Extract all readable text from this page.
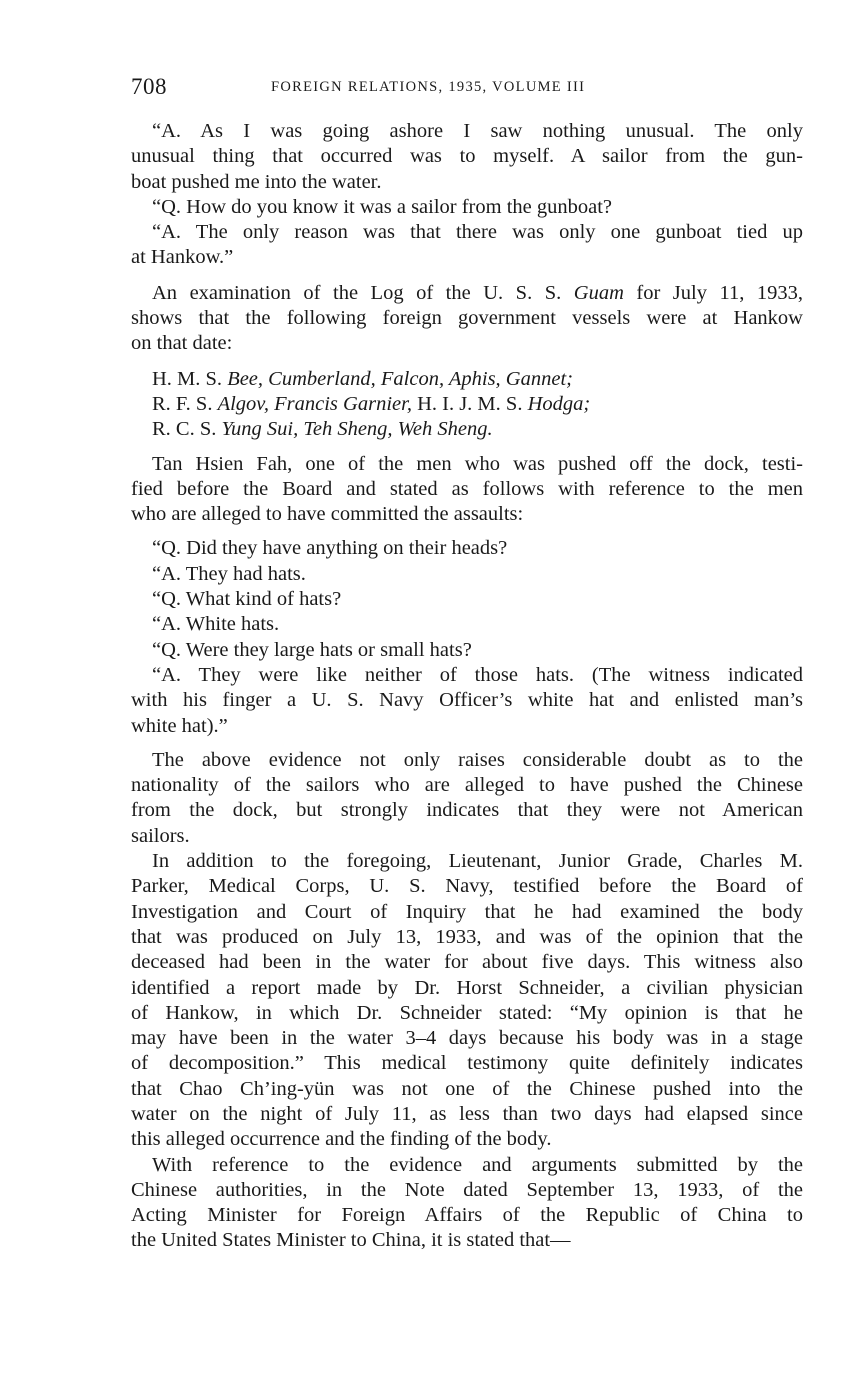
708	FOREIGN RELATIONS, 1935, VOLUME III
“A. As I was going ashore I saw nothing unusual. The only
unusual thing that occurred was to myself. A sailor from the gun-
boat pushed me into the water.
“Q. How do you know it was a sailor from the gunboat?
“A. The only reason was that there was only one gunboat tied up
at Hankow.”
An examination of the Log of the U. S. S. Guam for July 11, 1933,
shows that the following foreign government vessels were at Hankow
on that date:
H. M. S. Bee, Cumberland, Falcon, Aphis, Gannet;
R. F. S. Algov, Francis Garnier, H. I. J. M. S. Hodga;
R. C. S. Yung Sui, Teh Sheng, Weh Sheng.
Tan Hsien Fah, one of the men who was pushed off the dock, testi-
fied before the Board and stated as follows with reference to the men
who are alleged to have committed the assaults:
“Q. Did they have anything on their heads?
“A. They had hats.
“Q. What kind of hats?
“A. White hats.
“Q. Were they large hats or small hats?
“A. They were like neither of those hats. (The witness indicated
with his finger a U. S. Navy Officer’s white hat and enlisted man’s
white hat).”
The above evidence not only raises considerable doubt as to the
nationality of the sailors who are alleged to have pushed the Chinese
from the dock, but strongly indicates that they were not American
sailors.
In addition to the foregoing, Lieutenant, Junior Grade, Charles M.
Parker, Medical Corps, U. S. Navy, testified before the Board of
Investigation and Court of Inquiry that he had examined the body
that was produced on July 13, 1933, and was of the opinion that the
deceased had been in the water for about five days. This witness also
identified a report made by Dr. Horst Schneider, a civilian physician
of Hankow, in which Dr. Schneider stated: “My opinion is that he
may have been in the water 3–4 days because his body was in a stage
of decomposition.” This medical testimony quite definitely indicates
that Chao Ch’ing-yün was not one of the Chinese pushed into the
water on the night of July 11, as less than two days had elapsed since
this alleged occurrence and the finding of the body.
With reference to the evidence and arguments submitted by the
Chinese authorities, in the Note dated September 13, 1933, of the
Acting Minister for Foreign Affairs of the Republic of China to
the United States Minister to China, it is stated that—
